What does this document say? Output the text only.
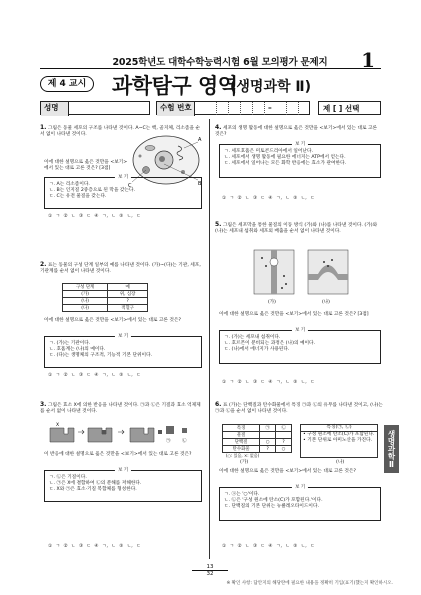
2025학년도 대학수학능력시험 6월 모의평가 문제지	1
제 4 교시	과학탐구 영역
(생명과학 Ⅱ)
성명	수험 번호	–	제 [ ] 선택
1. 그림은 동물 세포의 구조를 나타낸 것이다. A~C는 핵, 골지체, 리소좀을 순서 없이 나타낸 것이다.
A
B
C
이에 대한 설명으로 옳은 것만을 <보기>에서 있는 대로 고른 것은? [3점]
보 기
ㄱ. A는 리소좀이다.
ㄴ. B는 인지질 2중층으로 된 막을 갖는다.
ㄷ. C는 유전 물질을 갖는다.
① ㄱ ② ㄴ ③ ㄷ ④ ㄱ, ㄴ ⑤ ㄴ, ㄷ
2. 표는 동물의 구성 단계 일부의 예를 나타낸 것이다. (가)~(다)는 기관, 세포, 기관계를 순서 없이 나타낸 것이다.
구성 단계	예
(가)	위, 심장
(나)	?
(다)	적혈구
이에 대한 설명으로 옳은 것만을 <보기>에서 있는 대로 고른 것은?
보 기
ㄱ. (가)는 기관이다.
ㄴ. 호흡계는 (나)의 예이다.
ㄷ. (다)는 생명체의 구조적, 기능적 기본 단위이다.
① ㄱ ② ㄴ ③ ㄷ ④ ㄱ, ㄴ ⑤ ㄴ, ㄷ
3. 그림은 효소 X에 의한 반응을 나타낸 것이다. ㉠과 ㉡은 기질과 효소 억제제를 순서 없이 나타낸 것이다.
X
㉠	㉡
이 반응에 대한 설명으로 옳은 것만을 <보기>에서 있는 대로 고른 것은?
보 기
ㄱ. ㉡은 기질이다.
ㄴ. ㉠은 X에 결합하여 ㉡의 분해를 저해한다.
ㄷ. X와 ㉠은 효소·기질 복합체를 형성한다.
① ㄱ ② ㄴ ③ ㄷ ④ ㄱ, ㄴ ⑤ ㄴ, ㄷ
4. 세포의 생명 활동에 대한 설명으로 옳은 것만을 <보기>에서 있는 대로 고른 것은?
보 기
ㄱ. 세포호흡은 미토콘드리아에서 일어난다.
ㄴ. 세포에서 생명 활동에 필요한 에너지는 ATP에서 얻는다.
ㄷ. 세포에서 일어나는 모든 화학 반응에는 효소가 관여한다.
① ㄱ ② ㄴ ③ ㄷ ④ ㄱ, ㄴ ⑤ ㄴ, ㄷ
5. 그림은 세포막을 통한 물질의 이동 방식 (가)와 (나)를 나타낸 것이다. (가)와 (나)는 세포내 섭취와 세포외 배출을 순서 없이 나타낸 것이다.
(가)	(나)
이에 대한 설명으로 옳은 것만을 <보기>에서 있는 대로 고른 것은? [3점]
보 기
ㄱ. (가)는 세포내 섭취이다.
ㄴ. 호르몬이 분비되는 과정은 (나)의 예이다.
ㄷ. (나)에서 에너지가 사용된다.
① ㄱ ② ㄴ ③ ㄷ ④ ㄱ, ㄴ ⑤ ㄴ, ㄷ
6. 표 (가)는 단백질과 탄수화물에서 특징 ㉠과 ㉡의 유무를 나타낸 것이고, (나)는 ㉠과 ㉡을 순서 없이 나타낸 것이다.
특징	㉠	㉡
물질		
단백질	○	?
탄수화물	?	○
(○: 있음, ×: 없음)
(가)
특징(㉠, ㉡)
• 구성 원소에 탄소(C)가 포함된다.
• 기본 단위로 아미노산을 가진다.
(나)
이에 대한 설명으로 옳은 것만을 <보기>에서 있는 대로 고른 것은?
보 기
ㄱ. ⓐ는 '○'이다.
ㄴ. ㉡은 '구성 원소에 탄소(C)가 포함된다.'이다.
ㄷ. 단백질의 기본 단위는 뉴클레오타이드이다.
① ㄱ ② ㄴ ③ ㄷ ④ ㄱ, ㄴ ⑤ ㄴ, ㄷ
생명과학Ⅱ
13
32
※ 확인 사항: 답안지의 해당란에 필요한 내용을 정확히 기입(표기)했는지 확인하시오.
